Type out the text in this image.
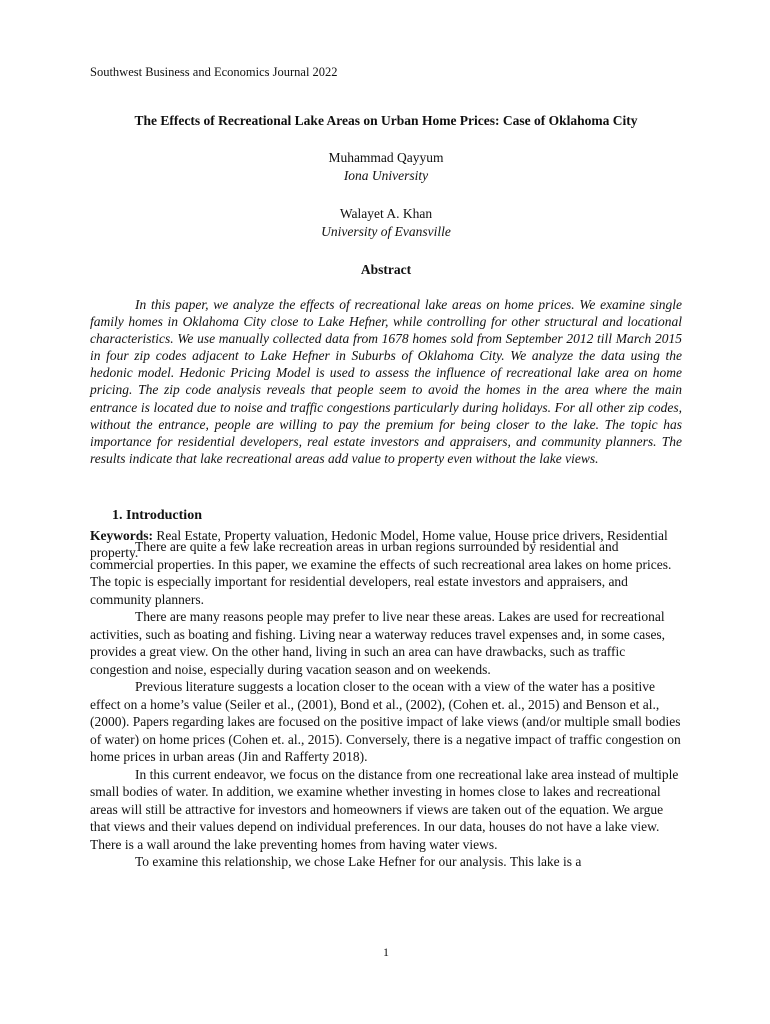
Southwest Business and Economics Journal 2022
The Effects of Recreational Lake Areas on Urban Home Prices: Case of Oklahoma City
Muhammad Qayyum
Iona University
Walayet A. Khan
University of Evansville
Abstract

In this paper, we analyze the effects of recreational lake areas on home prices. We examine single family homes in Oklahoma City close to Lake Hefner, while controlling for other structural and locational characteristics. We use manually collected data from 1678 homes sold from September 2012 till March 2015 in four zip codes adjacent to Lake Hefner in Suburbs of Oklahoma City. We analyze the data using the hedonic model. Hedonic Pricing Model is used to assess the influence of recreational lake area on home pricing. The zip code analysis reveals that people seem to avoid the homes in the area where the main entrance is located due to noise and traffic congestions particularly during holidays. For all other zip codes, without the entrance, people are willing to pay the premium for being closer to the lake. The topic has importance for residential developers, real estate investors and appraisers, and community planners. The results indicate that lake recreational areas add value to property even without the lake views.

1. Introduction

Keywords: Real Estate, Property valuation, Hedonic Model, Home value, House price drivers, Residential property.

There are quite a few lake recreation areas in urban regions surrounded by residential and commercial properties. In this paper, we examine the effects of such recreational area lakes on home prices. The topic is especially important for residential developers, real estate investors and appraisers, and community planners.

There are many reasons people may prefer to live near these areas. Lakes are used for recreational activities, such as boating and fishing. Living near a waterway reduces travel expenses and, in some cases, provides a great view. On the other hand, living in such an area can have drawbacks, such as traffic congestion and noise, especially during vacation season and on weekends.

Previous literature suggests a location closer to the ocean with a view of the water has a positive effect on a home’s value (Seiler et al., (2001), Bond et al., (2002), (Cohen et. al., 2015) and Benson et al., (2000). Papers regarding lakes are focused on the positive impact of lake views (and/or multiple small bodies of water) on home prices (Cohen et. al., 2015). Conversely, there is a negative impact of traffic congestion on home prices in urban areas (Jin and Rafferty 2018).

In this current endeavor, we focus on the distance from one recreational lake area instead of multiple small bodies of water. In addition, we examine whether investing in homes close to lakes and recreational areas will still be attractive for investors and homeowners if views are taken out of the equation. We argue that views and their values depend on individual preferences. In our data, houses do not have a lake view. There is a wall around the lake preventing homes from having water views.

To examine this relationship, we chose Lake Hefner for our analysis. This lake is a

1
